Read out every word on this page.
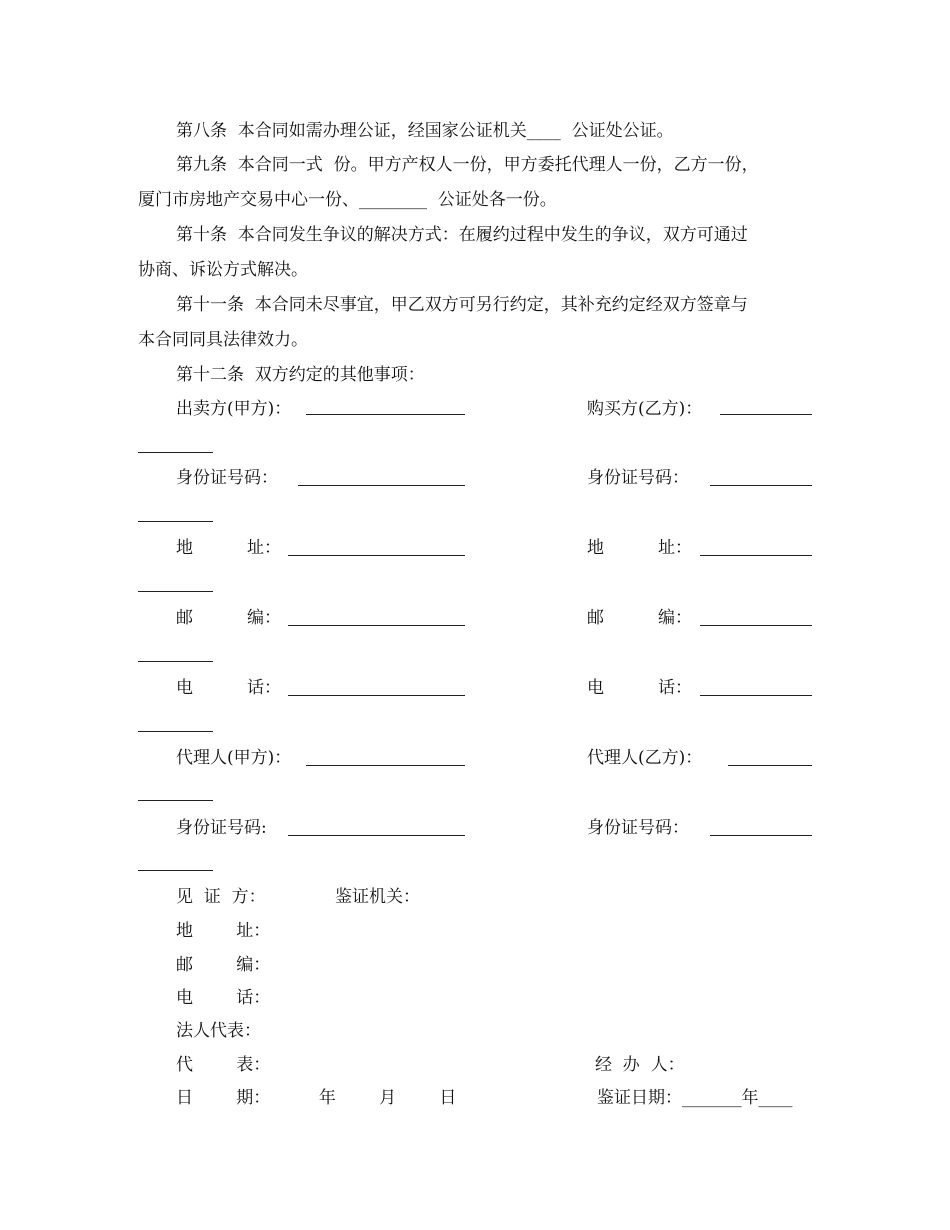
第八条  本合同如需办理公证，经国家公证机关____  公证处公证。
第九条  本合同一式  份。甲方产权人一份，甲方委托代理人一份，乙方一份，
厦门市房地产交易中心一份、________  公证处各一份。
第十条  本合同发生争议的解决方式：在履约过程中发生的争议，双方可通过
协商、诉讼方式解决。
第十一条  本合同未尽事宜，甲乙双方可另行约定，其补充约定经双方签章与
本合同同具法律效力。
第十二条  双方约定的其他事项：
出卖方(甲方)：	购买方(乙方)：
身份证号码：	身份证号码：
地          址：	地          址：
邮          编：	邮          编：
电          话：	电          话：
代理人(甲方)：	代理人(乙方)：
身份证号码:	身份证号码：
见  证  方：	鉴证机关：
地        址：
邮        编：
电        话：
法人代表：
代        表：	经  办  人：
日        期：         年        月        日	鉴证日期：_______年____
